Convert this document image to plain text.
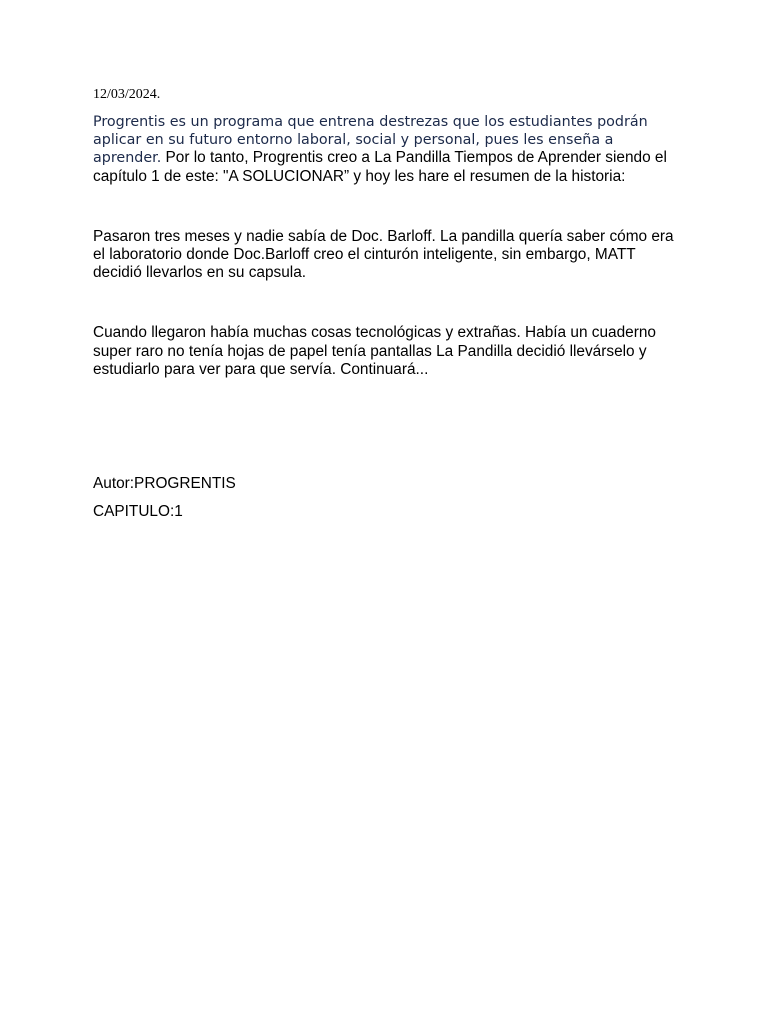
12/03/2024.

Progrentis es un programa que entrena destrezas que los estudiantes podrán aplicar en su futuro entorno laboral, social y personal, pues les enseña a aprender. Por lo tanto, Progrentis creo a La Pandilla Tiempos de Aprender siendo el capítulo 1 de este: "A SOLUCIONAR” y hoy les hare el resumen de la historia:

Pasaron tres meses y nadie sabía de Doc. Barloff. La pandilla quería saber cómo era el laboratorio donde Doc.Barloff creo el cinturón inteligente, sin embargo, MATT decidió llevarlos en su capsula.

Cuando llegaron había muchas cosas tecnológicas y extrañas. Había un cuaderno super raro no tenía hojas de papel tenía pantallas La Pandilla decidió llevárselo y estudiarlo para ver para que servía. Continuará...

Autor:PROGRENTIS
CAPITULO:1
